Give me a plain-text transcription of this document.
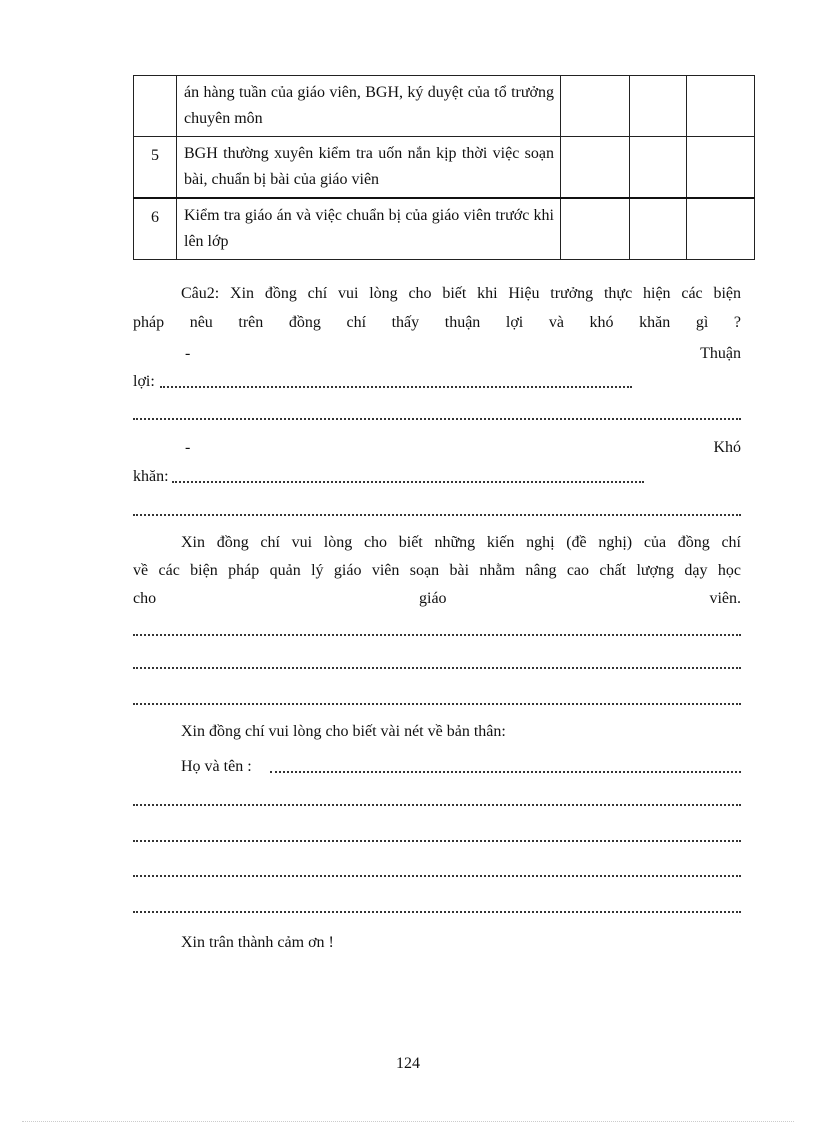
	án hàng tuần của giáo viên, BGH, ký duyệt của tổ trưởng chuyên môn			
5	BGH thường xuyên kiểm tra uốn nắn kịp thời việc soạn bài, chuẩn bị bài của giáo viên			
6	Kiểm tra giáo án và việc chuẩn bị của giáo viên trước khi lên lớp			
Câu2: Xin đồng chí vui lòng cho biết khi Hiệu trưởng thực hiện các biện
pháp nêu trên đồng chí thấy thuận lợi và khó khăn gì ?
-	Thuận
lợi:
-	Khó
khăn:
Xin đồng chí vui lòng cho biết những kiến nghị (đề nghị) của đồng chí
về các biện pháp quản lý giáo viên soạn bài nhằm nâng cao chất lượng dạy học
cho	giáo	viên.
Xin đồng chí vui lòng cho biết vài nét về bản thân:
Họ và tên :
Xin trân thành cảm ơn !
124
